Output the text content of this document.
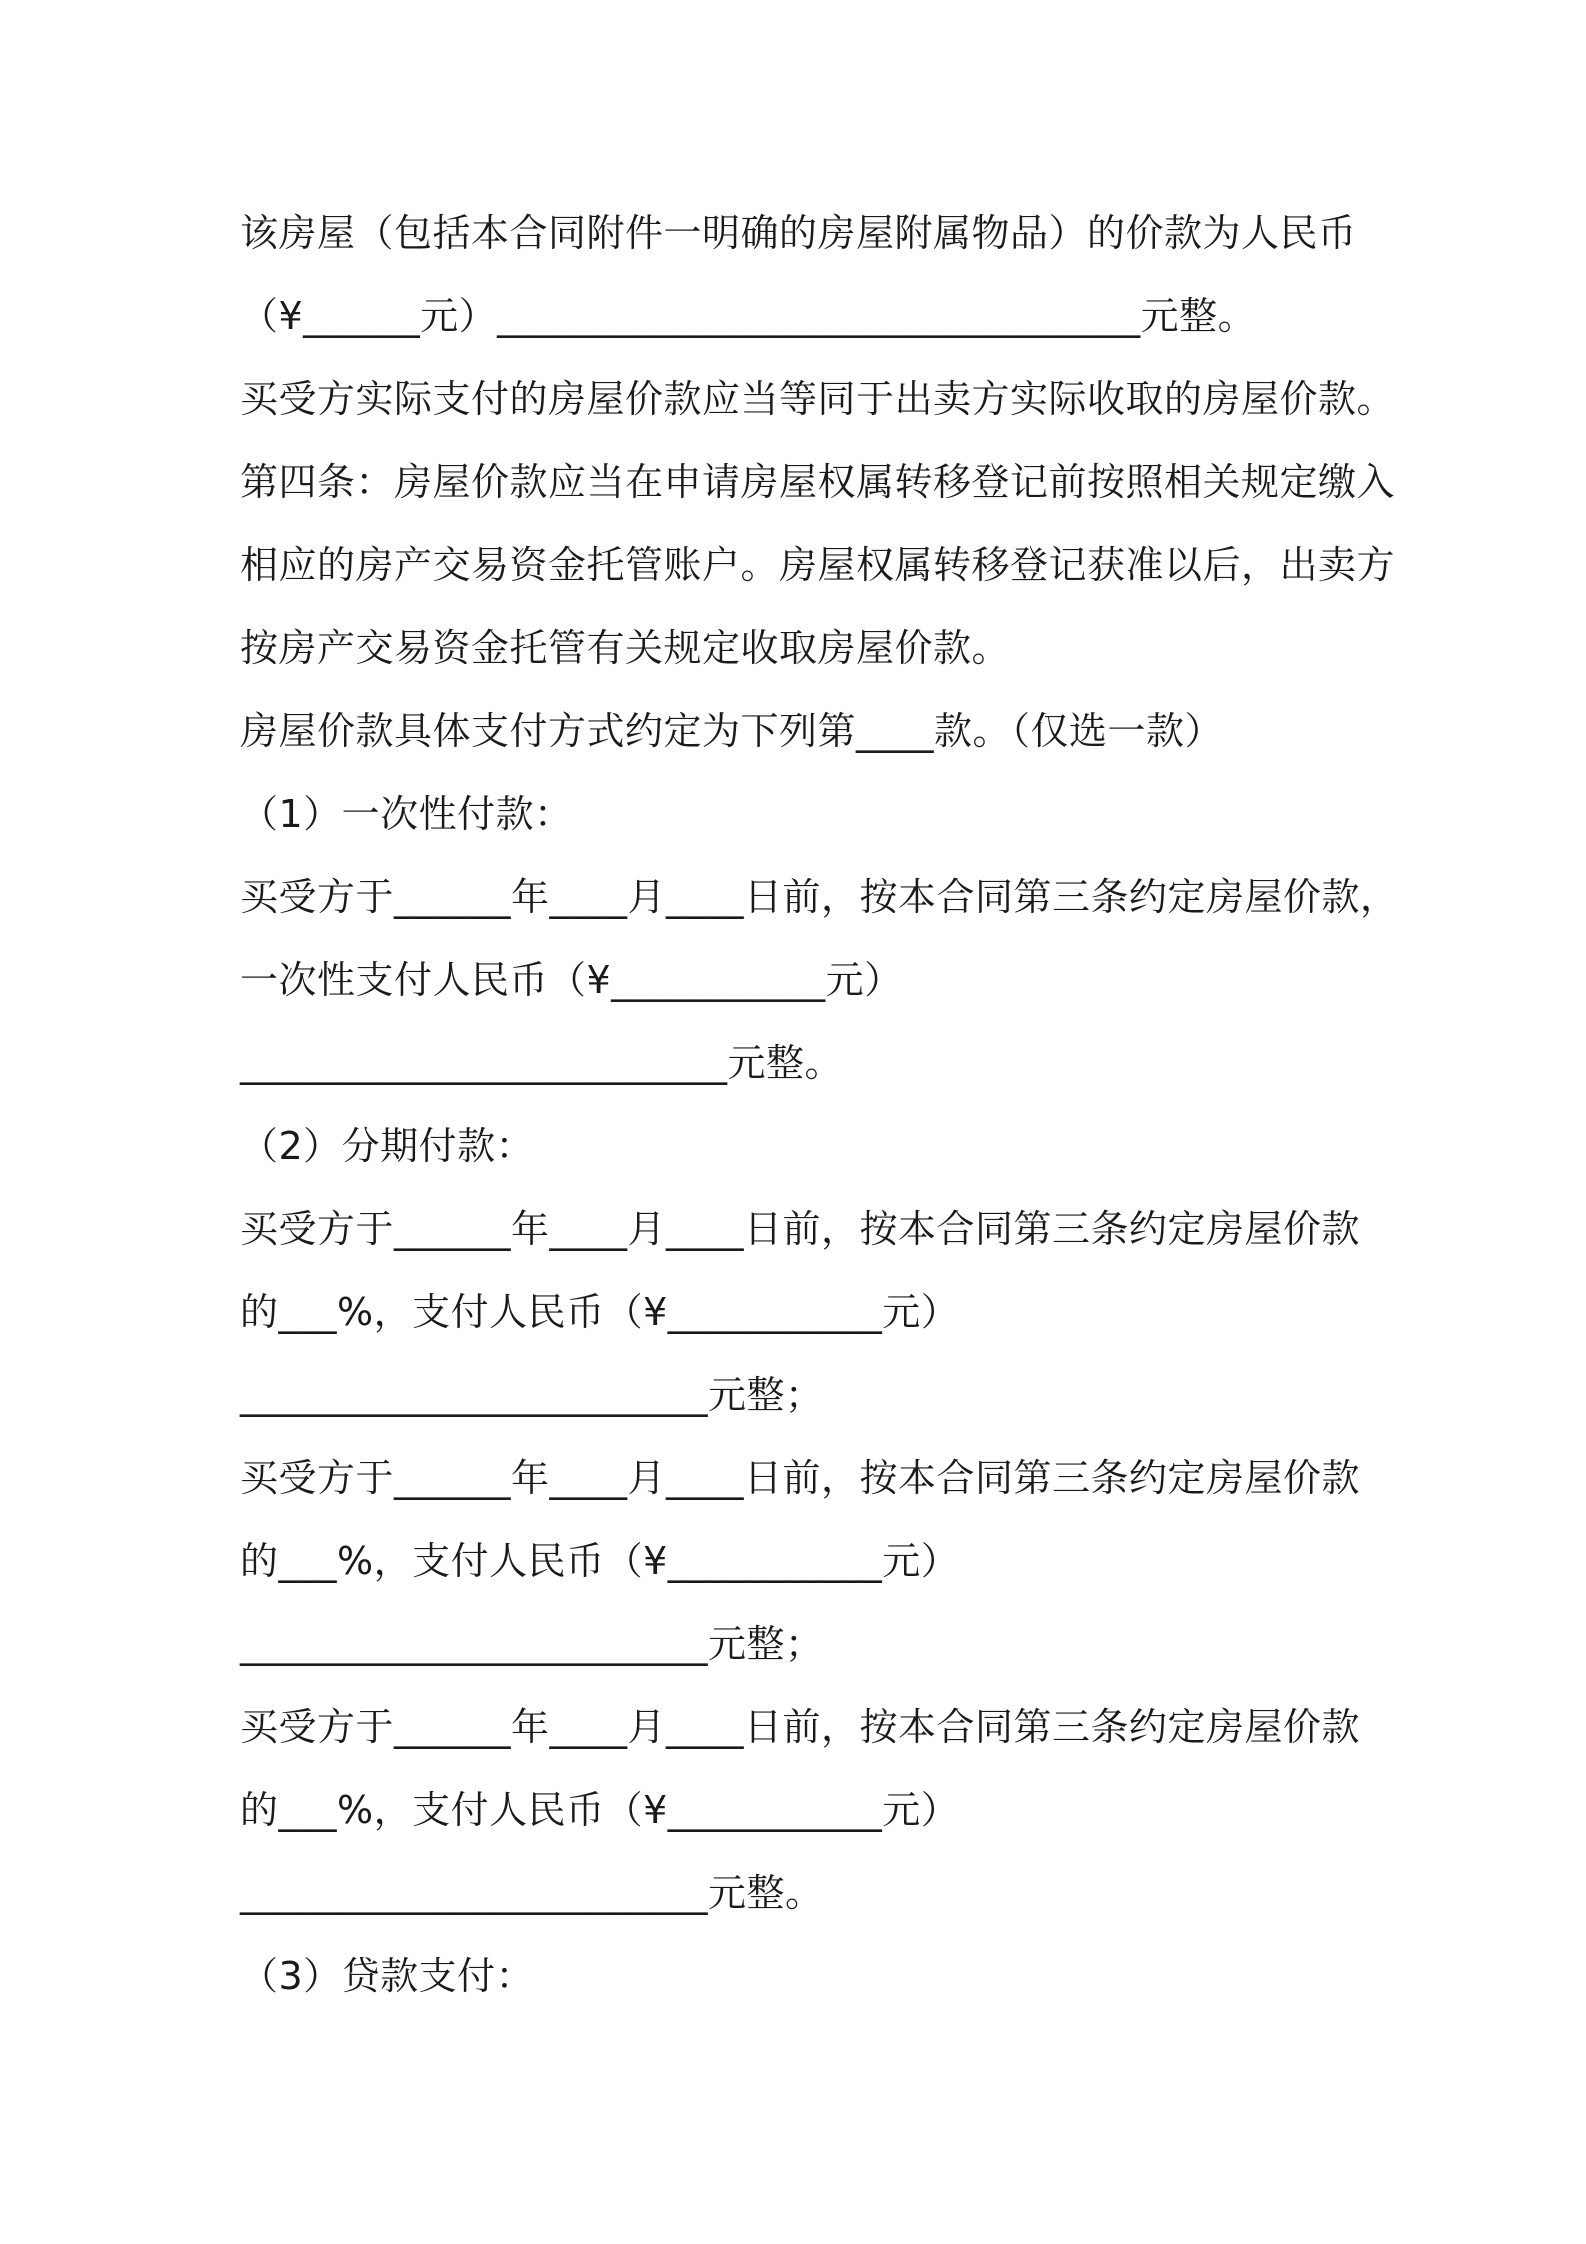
该房屋（包括本合同附件一明确的房屋附属物品）的价款为人民币
（¥______元）_________________________________元整。
买受方实际支付的房屋价款应当等同于出卖方实际收取的房屋价款。
第四条：房屋价款应当在申请房屋权属转移登记前按照相关规定缴入
相应的房产交易资金托管账户。房屋权属转移登记获准以后，出卖方
按房产交易资金托管有关规定收取房屋价款。
房屋价款具体支付方式约定为下列第____款。（仅选一款）
（1）一次性付款：
买受方于______年____月____日前，按本合同第三条约定房屋价款，
一次性支付人民币（¥___________元）
_________________________元整。
（2）分期付款：
买受方于______年____月____日前，按本合同第三条约定房屋价款
的___%，支付人民币（¥___________元）
________________________元整；
买受方于______年____月____日前，按本合同第三条约定房屋价款
的___%，支付人民币（¥___________元）
________________________元整；
买受方于______年____月____日前，按本合同第三条约定房屋价款
的___%，支付人民币（¥___________元）
________________________元整。
（3）贷款支付：
